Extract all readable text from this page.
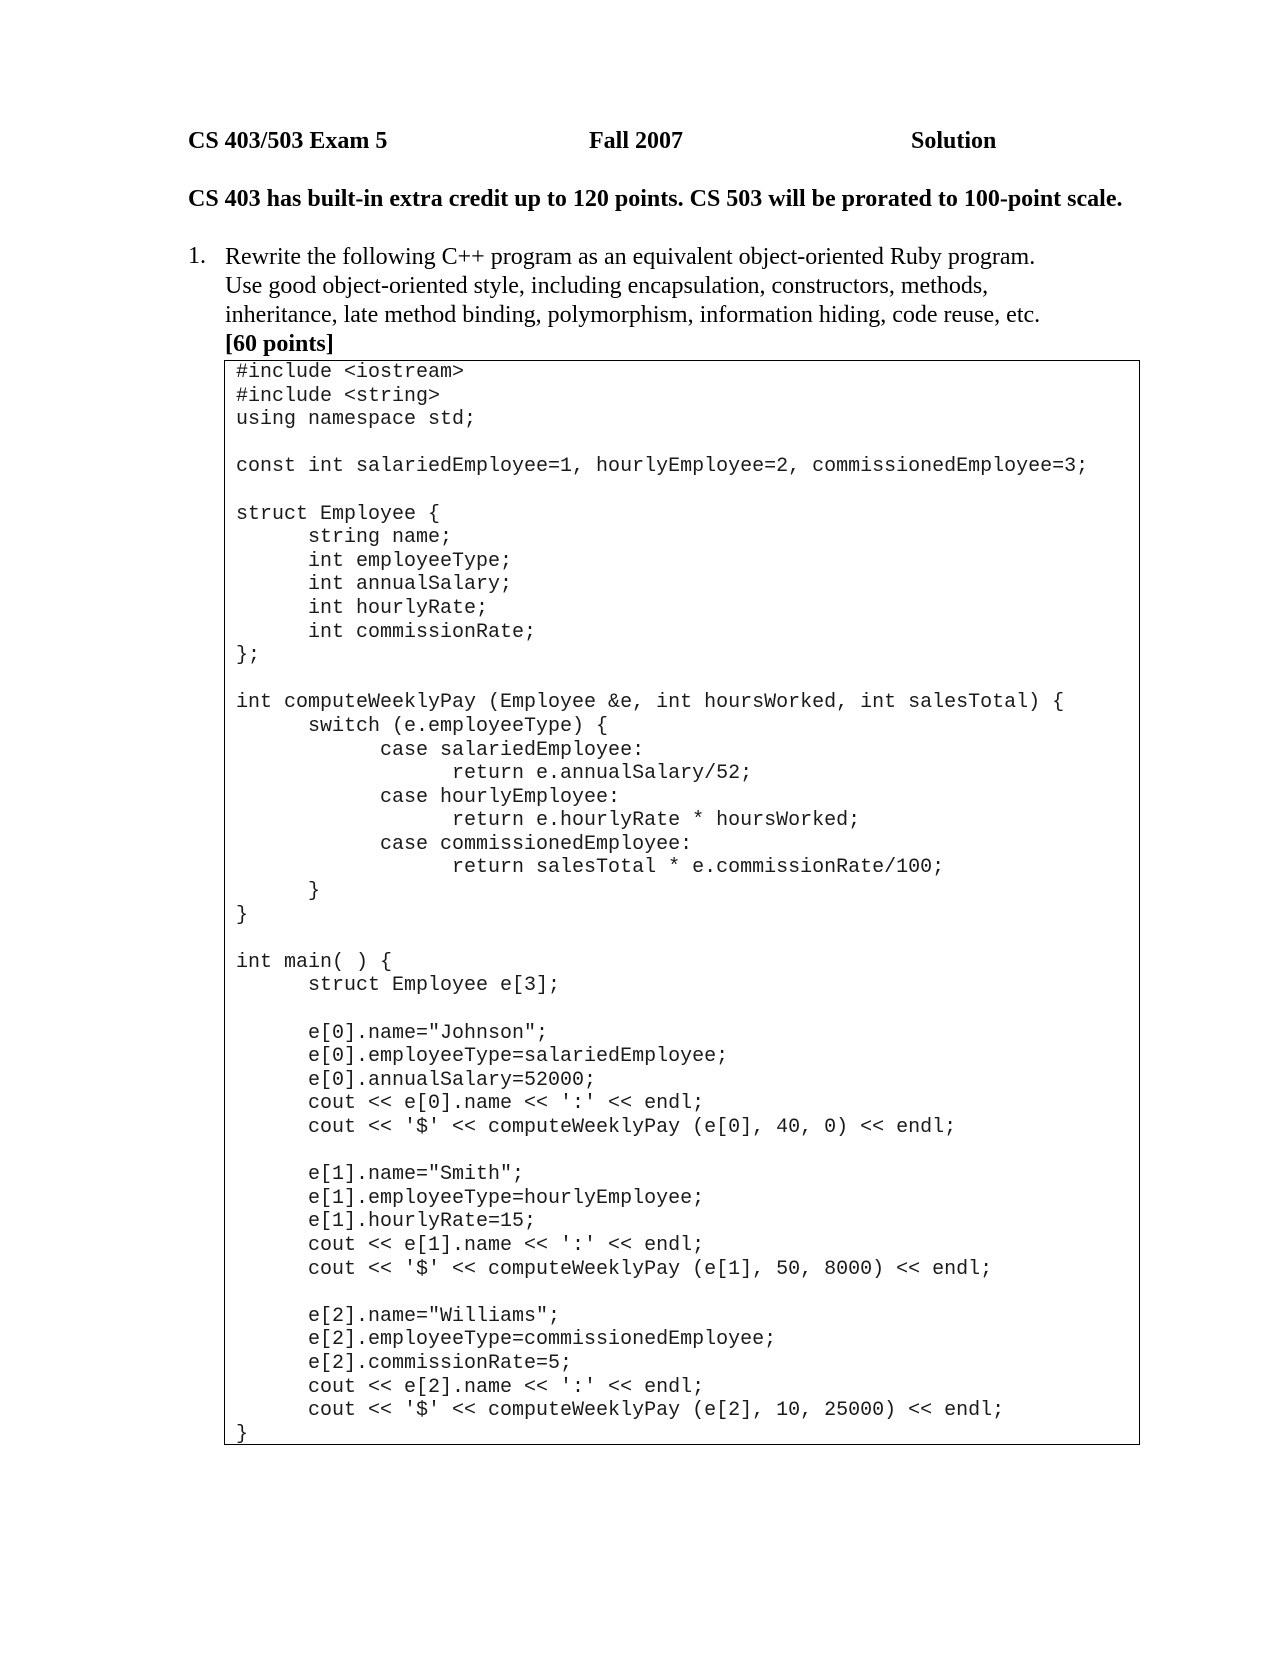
CS 403/503 Exam 5	Fall 2007	Solution
CS 403 has built-in extra credit up to 120 points. CS 503 will be prorated to 100-point scale.
1. Rewrite the following C++ program as an equivalent object-oriented Ruby program.
Use good object-oriented style, including encapsulation, constructors, methods,
inheritance, late method binding, polymorphism, information hiding, code reuse, etc.
[60 points]
#include <iostream>
#include <string>
using namespace std;
const int salariedEmployee=1, hourlyEmployee=2, commissionedEmployee=3;
struct Employee {
string name;
int employeeType;
int annualSalary;
int hourlyRate;
int commissionRate;
};
int computeWeeklyPay (Employee &e, int hoursWorked, int salesTotal) {
switch (e.employeeType) {
case salariedEmployee:
return e.annualSalary/52;
case hourlyEmployee:
return e.hourlyRate * hoursWorked;
case commissionedEmployee:
return salesTotal * e.commissionRate/100;
}
}
int main( ) {
struct Employee e[3];
e[0].name="Johnson";
e[0].employeeType=salariedEmployee;
e[0].annualSalary=52000;
cout << e[0].name << ':' << endl;
cout << '$' << computeWeeklyPay (e[0], 40, 0) << endl;
e[1].name="Smith";
e[1].employeeType=hourlyEmployee;
e[1].hourlyRate=15;
cout << e[1].name << ':' << endl;
cout << '$' << computeWeeklyPay (e[1], 50, 8000) << endl;
e[2].name="Williams";
e[2].employeeType=commissionedEmployee;
e[2].commissionRate=5;
cout << e[2].name << ':' << endl;
cout << '$' << computeWeeklyPay (e[2], 10, 25000) << endl;
}
